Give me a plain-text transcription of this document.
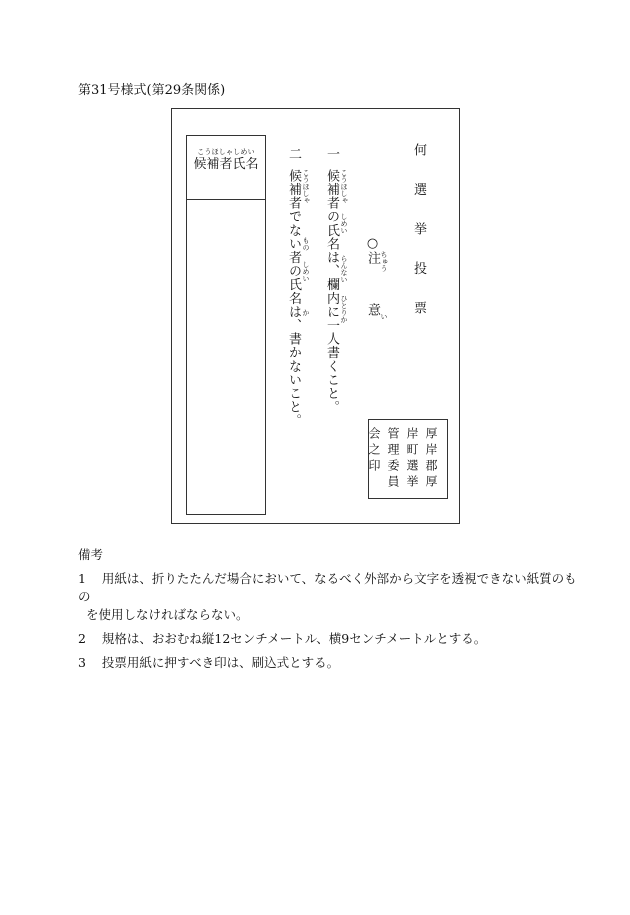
第31号様式(第29条関係)
こうほしゃしめい
候補者氏名	何選挙投票
○注 ちゅう
意
い
一
候補者の氏名は、欄内に一人書くこと。 こうほしゃ
しめい
らんない
ひとりか
二
候補者でない者の氏名は、書かないこと。 こうほしゃ
もの
しめい
か
厚岸郡厚岸町選挙管理委員会之印
備考
1 用紙は、折りたたんだ場合において、なるべく外部から文字を透視できない紙質のもの
を使用しなければならない。
2 規格は、おおむね縦12センチメートル、横9センチメートルとする。
3 投票用紙に押すべき印は、刷込式とする。
